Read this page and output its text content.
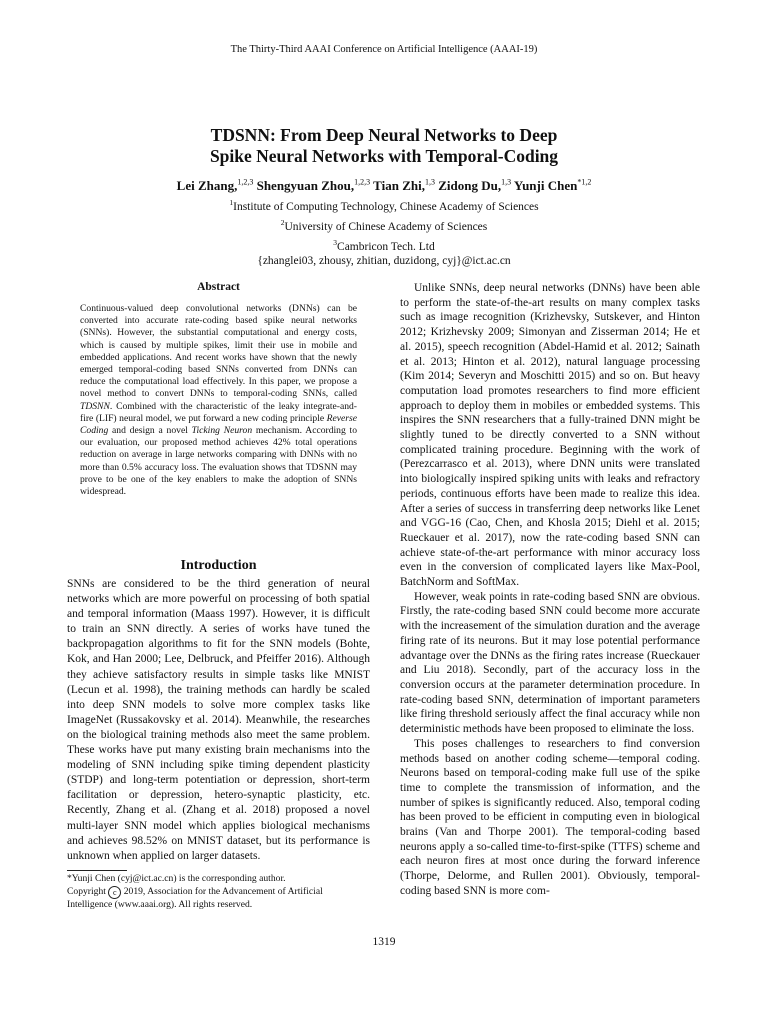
The Thirty-Third AAAI Conference on Artificial Intelligence (AAAI-19)
TDSNN: From Deep Neural Networks to Deep
Spike Neural Networks with Temporal-Coding
Lei Zhang,$^{1,2,3}$ Shengyuan Zhou,$^{1,2,3}$ Tian Zhi,$^{1,3}$ Zidong Du,$^{1,3}$ Yunji Chen$^{*1,2}$
$^1$Institute of Computing Technology, Chinese Academy of Sciences
$^2$University of Chinese Academy of Sciences
$^3$Cambricon Tech. Ltd
{zhanglei03, zhousy, zhitian, duzidong, cyj}@ict.ac.cn
Abstract
Continuous-valued deep convolutional networks (DNNs) can be converted into accurate rate-coding based spike neural networks (SNNs). However, the substantial computational and energy costs, which is caused by multiple spikes, limit their use in mobile and embedded applications. And recent works have shown that the newly emerged temporal-coding based SNNs converted from DNNs can reduce the computational load effectively. In this paper, we propose a novel method to convert DNNs to temporal-coding SNNs, called TDSNN. Combined with the characteristic of the leaky integrate-and-fire (LIF) neural model, we put forward a new coding principle Reverse Coding and design a novel Ticking Neuron mechanism. According to our evaluation, our proposed method achieves 42% total operations reduction on average in large networks comparing with DNNs with no more than 0.5% accuracy loss. The evaluation shows that TDSNN may prove to be one of the key enablers to make the adoption of SNNs widespread.
Introduction
SNNs are considered to be the third generation of neural networks which are more powerful on processing of both spatial and temporal information (Maass 1997). However, it is difficult to train an SNN directly. A series of works have tuned the backpropagation algorithms to fit for the SNN models (Bohte, Kok, and Han 2000; Lee, Delbruck, and Pfeiffer 2016). Although they achieve satisfactory results in simple tasks like MNIST (Lecun et al. 1998), the training methods can hardly be scaled into deep SNN models to solve more complex tasks like ImageNet (Russakovsky et al. 2014). Meanwhile, the researches on the biological training methods also meet the same problem. These works have put many existing brain mechanisms into the modeling of SNN including spike timing dependent plasticity (STDP) and long-term potentiation or depression, short-term facilitation or depression, hetero-synaptic plasticity, etc. Recently, Zhang et al. (Zhang et al. 2018) proposed a novel multi-layer SNN model which applies biological mechanisms and achieves 98.52% on MNIST dataset, but its performance is unknown when applied on larger datasets.
*Yunji Chen (cyj@ict.ac.cn) is the corresponding author.
Copyright c 2019, Association for the Advancement of Artificial Intelligence (www.aaai.org). All rights reserved.

Unlike SNNs, deep neural networks (DNNs) have been able to perform the state-of-the-art results on many complex tasks such as image recognition (Krizhevsky, Sutskever, and Hinton 2012; Krizhevsky 2009; Simonyan and Zisserman 2014; He et al. 2015), speech recognition (Abdel-Hamid et al. 2012; Sainath et al. 2013; Hinton et al. 2012), natural language processing (Kim 2014; Severyn and Moschitti 2015) and so on. But heavy computation load promotes researchers to find more efficient approach to deploy them in mobiles or embedded systems. This inspires the SNN researchers that a fully-trained DNN might be slightly tuned to be directly converted to a SNN without complicated training procedure. Beginning with the work of (Perezcarrasco et al. 2013), where DNN units were translated into biologically inspired spiking units with leaks and refractory periods, continuous efforts have been made to realize this idea. After a series of success in transferring deep networks like Lenet and VGG-16 (Cao, Chen, and Khosla 2015; Diehl et al. 2015; Rueckauer et al. 2017), now the rate-coding based SNN can achieve state-of-the-art performance with minor accuracy loss even in the conversion of complicated layers like Max-Pool, BatchNorm and SoftMax.

However, weak points in rate-coding based SNN are obvious. Firstly, the rate-coding based SNN could become more accurate with the increasement of the simulation duration and the average firing rate of its neurons. But it may lose potential performance advantage over the DNNs as the firing rates increase (Rueckauer and Liu 2018). Secondly, part of the accuracy loss in the conversion occurs at the parameter determination procedure. In rate-coding based SNN, determination of important parameters like firing threshold seriously affect the final accuracy while non deterministic methods have been proposed to eliminate the loss.

This poses challenges to researchers to find conversion methods based on another coding scheme—temporal coding. Neurons based on temporal-coding make full use of the spike time to complete the transmission of information, and the number of spikes is significantly reduced. Also, temporal coding has been proved to be efficient in computing even in biological brains (Van and Thorpe 2001). The temporal-coding based neurons apply a so-called time-to-first-spike (TTFS) scheme and each neuron fires at most once during the forward inference (Thorpe, Delorme, and Rullen 2001). Obviously, temporal-coding based SNN is more com-

1319
